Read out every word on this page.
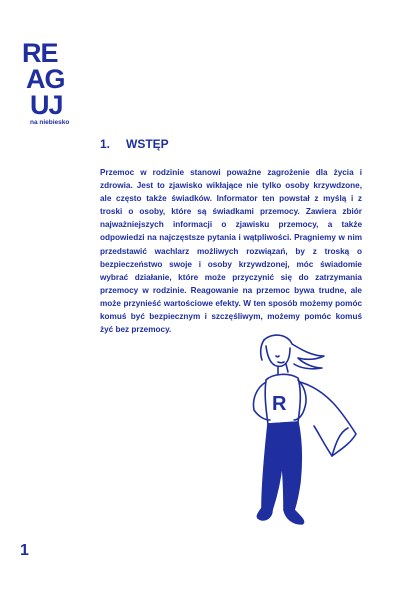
RE
AG
UJ
na niebiesko
1. WSTĘP

Przemoc w rodzinie stanowi poważne zagrożenie dla życia i zdrowia. Jest to zjawisko wikłające nie tylko osoby krzywdzone, ale często także świadków. Informator ten powstał z myślą i z troski o osoby, które są świadkami przemocy. Zawiera zbiór najważniejszych informacji o zjawisku przemocy, a także odpowiedzi na najczęstsze pytania i wątpliwości. Pragniemy w nim przedstawić wachlarz możliwych rozwiązań, by z troską o bezpieczeństwo swoje i osoby krzywdzonej, móc świadomie wybrać działanie, które może przyczynić się do zatrzymania przemocy w rodzinie. Reagowanie na przemoc bywa trudne, ale może przynieść wartościowe efekty. W ten sposób możemy pomóc komuś być bezpiecznym i szczęśliwym, możemy pomóc komuś żyć bez przemocy.

R
1
